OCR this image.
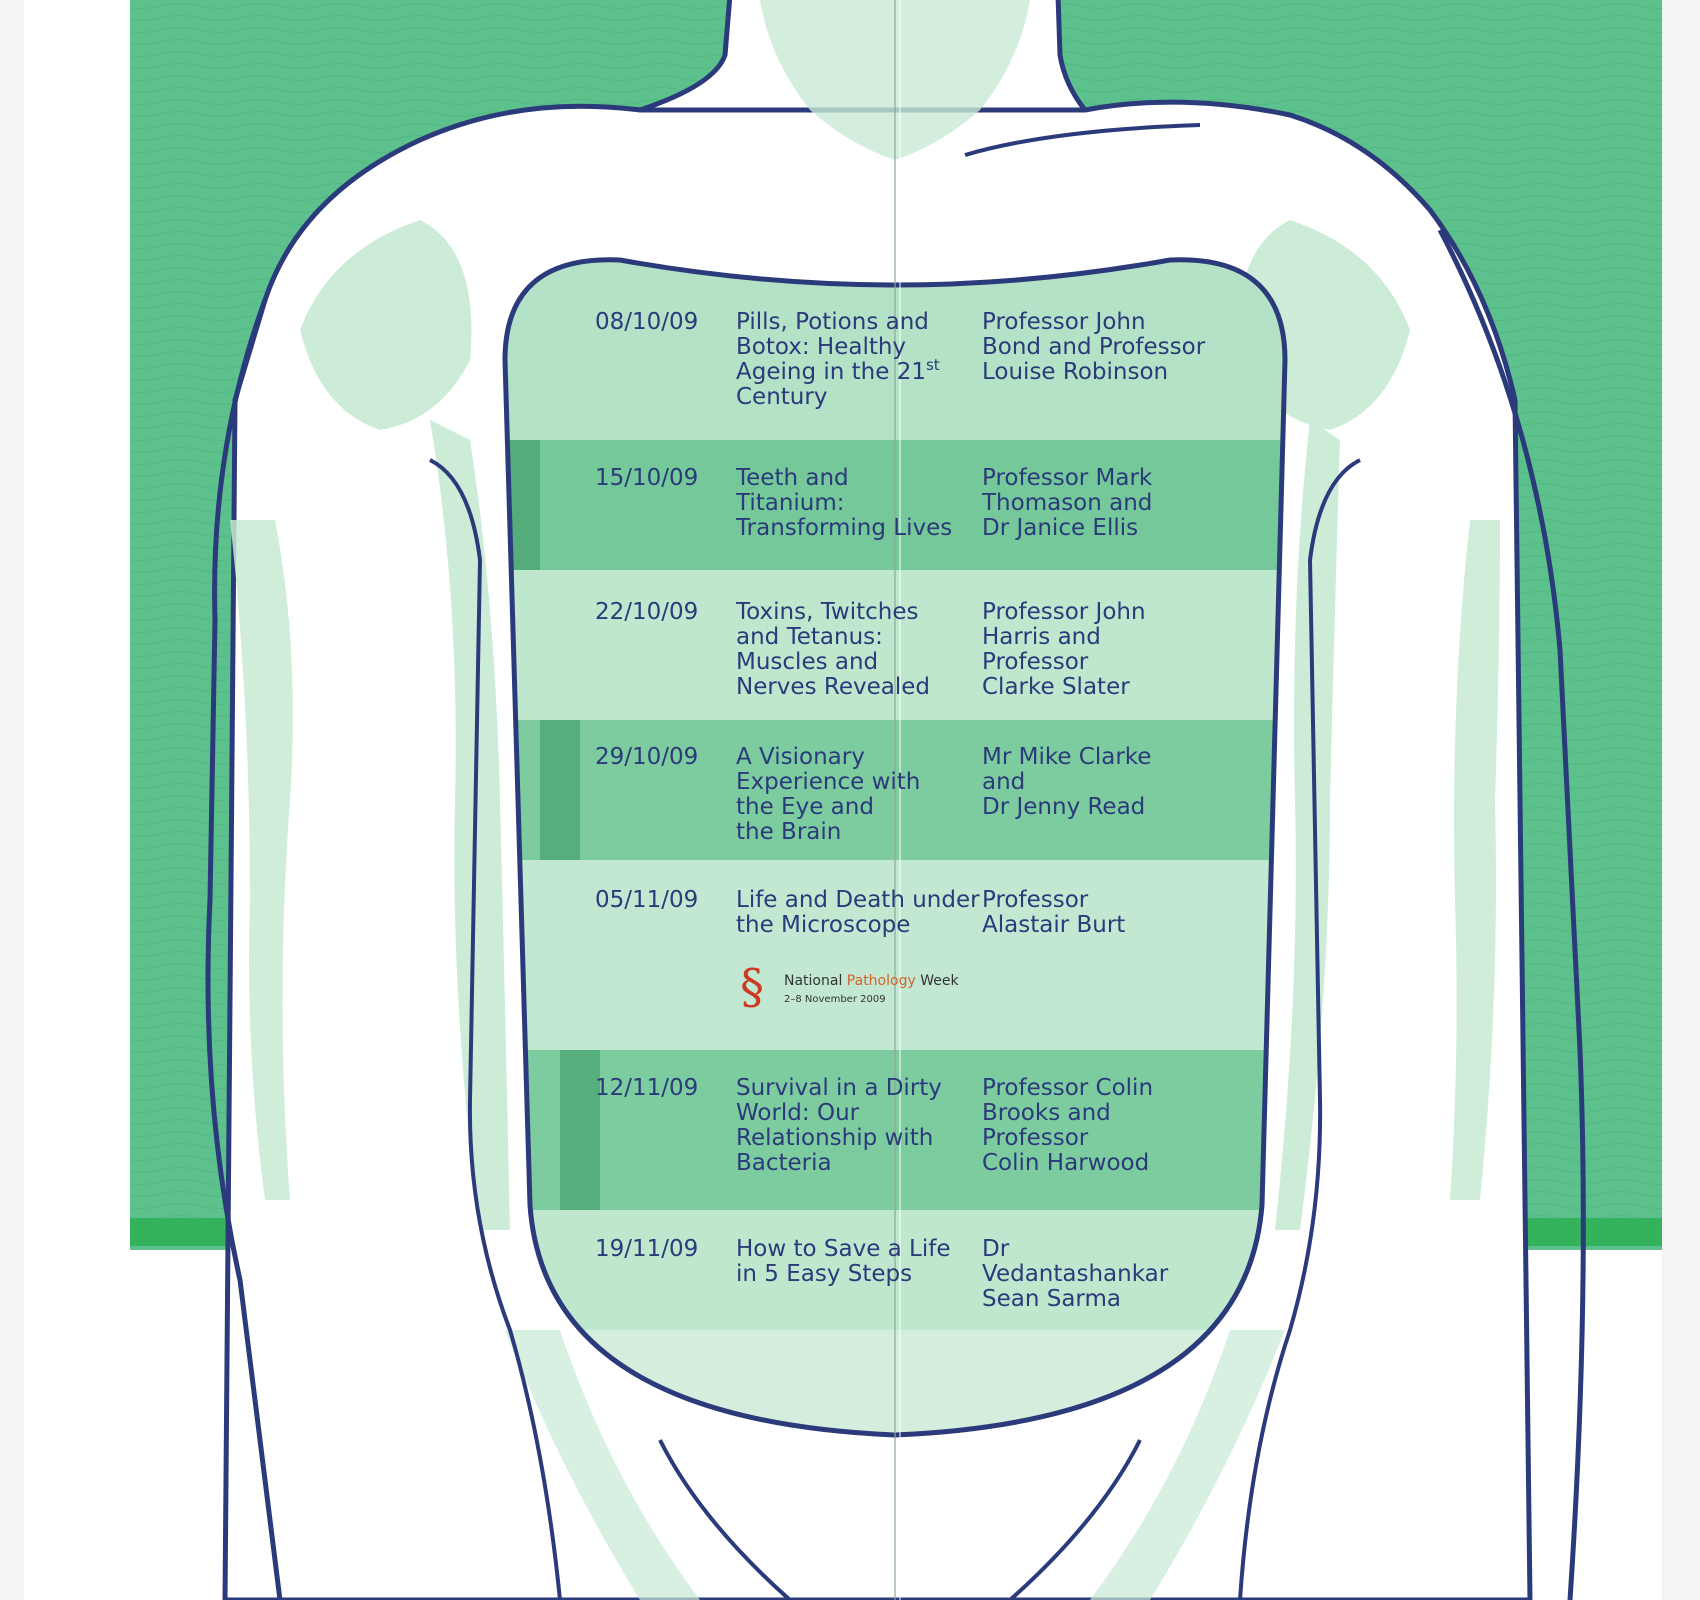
08/10/09 Pills, Potions and
Botox: Healthy
Ageing in the 21st
Century
Professor John
Bond and Professor
Louise Robinson
15/10/09 Teeth and
Titanium:
Transforming Lives
Professor Mark
Thomason and
Dr Janice Ellis
22/10/09 Toxins, Twitches
and Tetanus:
Muscles and
Nerves Revealed
Professor John
Harris and
Professor
Clarke Slater
29/10/09 A Visionary
Experience with
the Eye and
the Brain
Mr Mike Clarke
and
Dr Jenny Read
05/11/09 Life and Death under
the Microscope
Professor
Alastair Burt
12/11/09 Survival in a Dirty
World: Our
Relationship with
Bacteria
Professor Colin
Brooks and
Professor
Colin Harwood
19/11/09 How to Save a Life
in 5 Easy Steps
Dr
Vedantashankar
Sean Sarma
§ National Pathology Week
2–8 November 2009
